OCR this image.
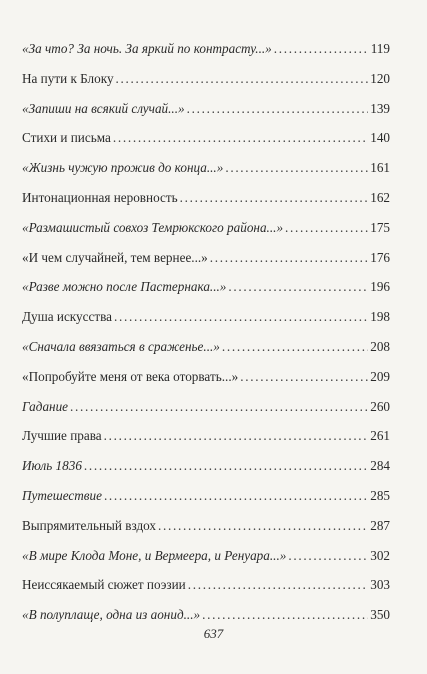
«За что? За ночь. За яркий по контрасту...» . . .	119
На пути к Блоку . . .	120
«Запиши на всякий случай...» . . .	139
Стихи и письма . . .	140
«Жизнь чужую прожив до конца...» . . .	161
Интонационная неровность . . .	162
«Размашистый совхоз Темрюкского района...» . . .	175
«И чем случайней, тем вернее...» . . .	176
«Разве можно после Пастернака...» . . .	196
Душа искусства . . .	198
«Сначала ввязаться в сраженье...» . . .	208
«Попробуйте меня от века оторвать...» . . .	209
Гадание . . .	260
Лучшие права . . .	261
Июль 1836 . . .	284
Путешествие . . .	285
Выпрямительный вздох . . .	287
«В мире Клода Моне, и Вермеера, и Ренуара...» . . .	302
Неиссякаемый сюжет поэзии . . .	303
«В полуплаще, одна из аонид...» . . .	350
637
